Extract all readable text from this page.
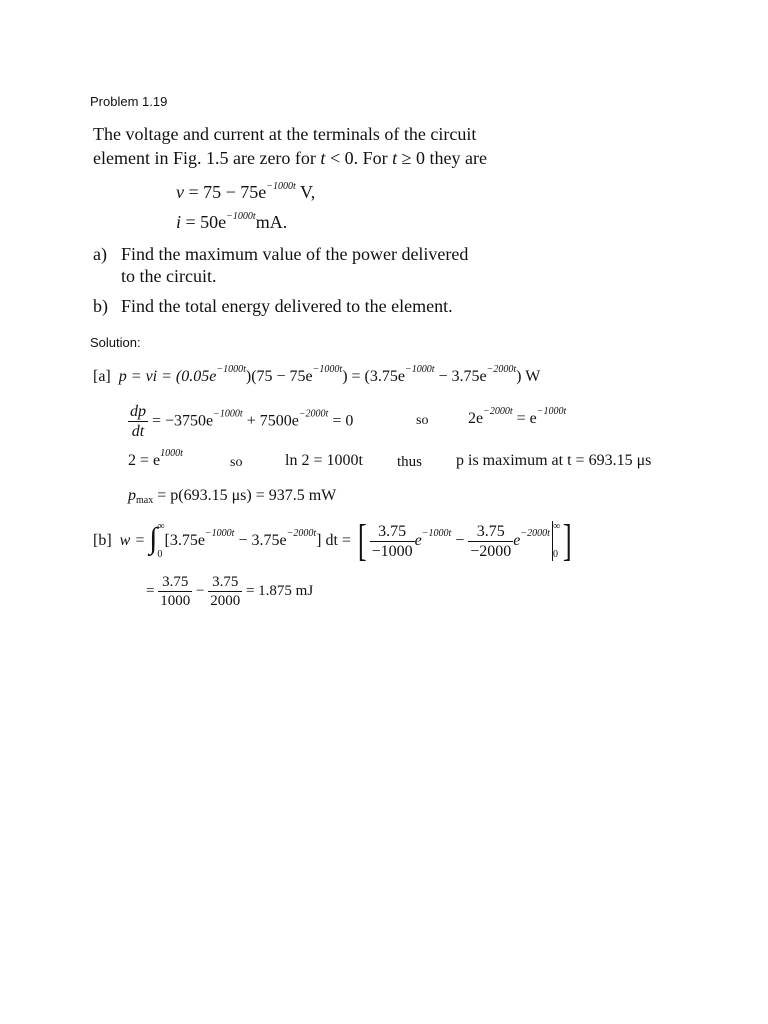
Problem 1.19
The voltage and current at the terminals of the circuit
element in Fig. 1.5 are zero for t < 0. For t ≥ 0 they are
$v = 75 - 75e^{-1000t}$ V,
$i = 50e^{-1000t}mA$.
a) Find the maximum value of the power delivered
to the circuit.
b) Find the total energy delivered to the element.
Solution:
[a] p = vi = $(0.05e^{-1000t})(75 - 75e^{-1000t}) = (3.75e^{-1000t} - 3.75e^{-2000t})$ W
$\frac{dp}{dt} = -3750e^{-1000t} + 7500e^{-2000t} = 0$	so $2e^{-2000t} = e^{-1000t}$
$2 = e^{1000t}$
so	ln 2 = 1000t thus p is maximum at t = 693.15 μs
$p_{max} = p(693.15$ μs) = 937.5 mW
[b] w = ∫ ∞
0
$[3.75e^{-1000t} - 3.75e^{-2000t}]$ dt = [ $\frac{3.75}{-1000} e^{-1000t} - \frac{3.75}{-2000} e^{-2000t}$
∞
0 ]
= $\frac{3.75}{1000} - \frac{3.75}{2000} = 1.875$ mJ
